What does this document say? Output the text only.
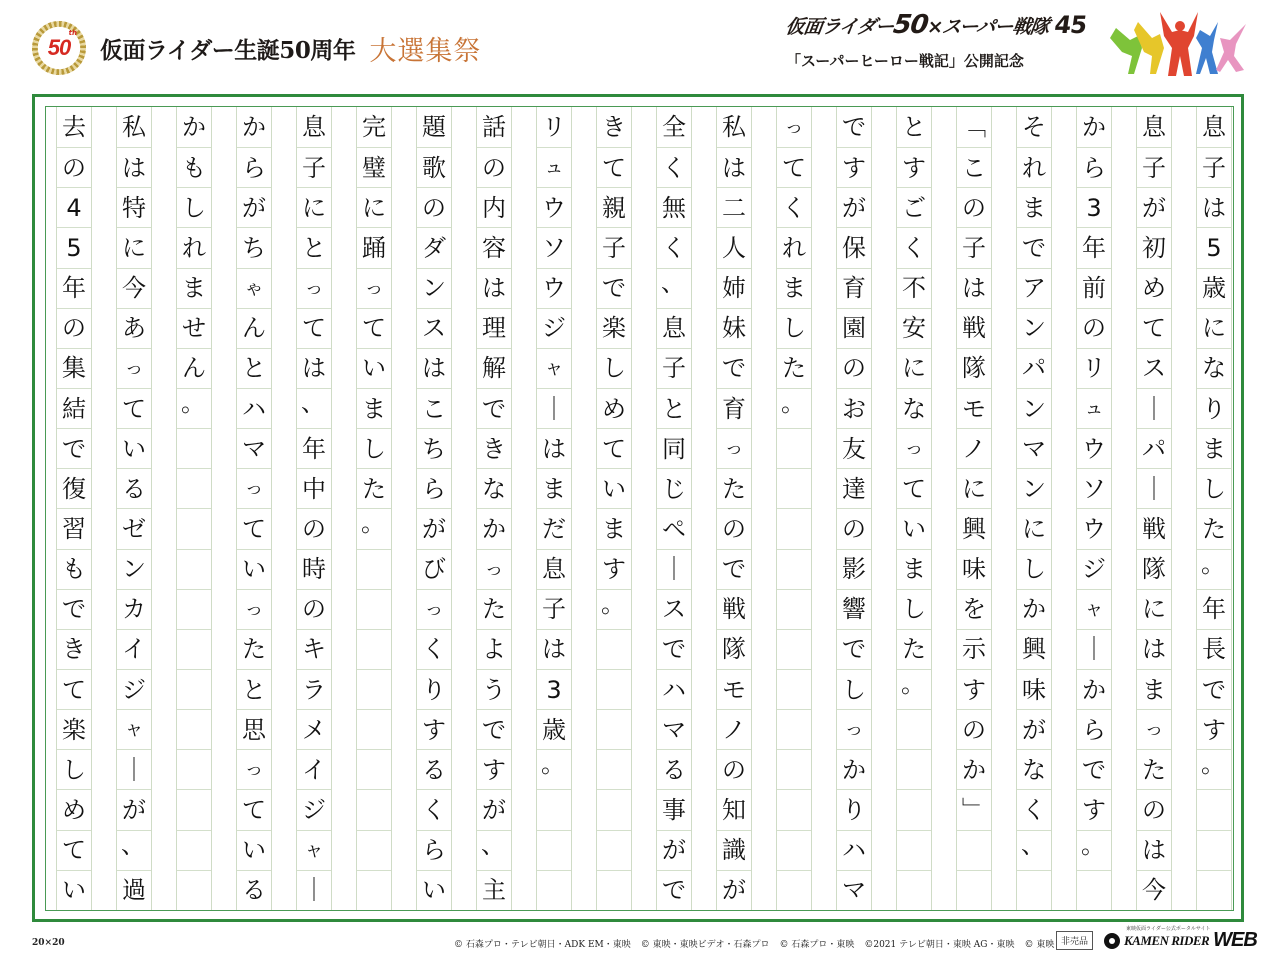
50
th
仮面ライダー生誕50周年 大選集祭
仮面ライダー50×スーパー戦隊 45
「スーパーヒーロー戦記」公開記念
去
の
4
5
年
の
集
結
で
復
習
も
で
き
て
楽
し
め
て
い
私
は
特
に
今
あ
っ
て
い
る
ゼ
ン
カ
イ
ジ
ャ
｜
が
、
過
か
も
し
れ
ま
せ
ん
。
か
ら
が
ち
ゃ
ん
と
ハ
マ
っ
て
い
っ
た
と
思
っ
て
い
る
息
子
に
と
っ
て
は
、
年
中
の
時
の
キ
ラ
メ
イ
ジ
ャ
｜
完
璧
に
踊
っ
て
い
ま
し
た
。
題
歌
の
ダ
ン
ス
は
こ
ち
ら
が
び
っ
く
り
す
る
く
ら
い
話
の
内
容
は
理
解
で
き
な
か
っ
た
よ
う
で
す
が
、
主
リ
ュ
ウ
ソ
ウ
ジ
ャ
｜
は
ま
だ
息
子
は
3
歳
。
き
て
親
子
で
楽
し
め
て
い
ま
す
。
全
く
無
く
、
息
子
と
同
じ
ペ
｜
ス
で
ハ
マ
る
事
が
で
私
は
二
人
姉
妹
で
育
っ
た
の
で
戦
隊
モ
ノ
の
知
識
が
っ
て
く
れ
ま
し
た
。
で
す
が
保
育
園
の
お
友
達
の
影
響
で
し
っ
か
り
ハ
マ
と
す
ご
く
不
安
に
な
っ
て
い
ま
し
た
。
﹁
こ
の
子
は
戦
隊
モ
ノ
に
興
味
を
示
す
の
か
﹂
そ
れ
ま
で
ア
ン
パ
ン
マ
ン
に
し
か
興
味
が
な
く
、
か
ら
3
年
前
の
リ
ュ
ウ
ソ
ウ
ジ
ャ
｜
か
ら
で
す
。
息
子
が
初
め
て
ス
｜
パ
｜
戦
隊
に
は
ま
っ
た
の
は
今
息
子
は
5
歳
に
な
り
ま
し
た
。
年
長
で
す
。
20×20	© 石森プロ・テレビ朝日・ADK EM・東映 © 東映・東映ビデオ・石森プロ © 石森プロ・東映 ©2021 テレビ朝日・東映 AG・東映 © 東映 非売品
東映仮面ライダー公式ポータルサイト
KAMEN RIDER WEB
